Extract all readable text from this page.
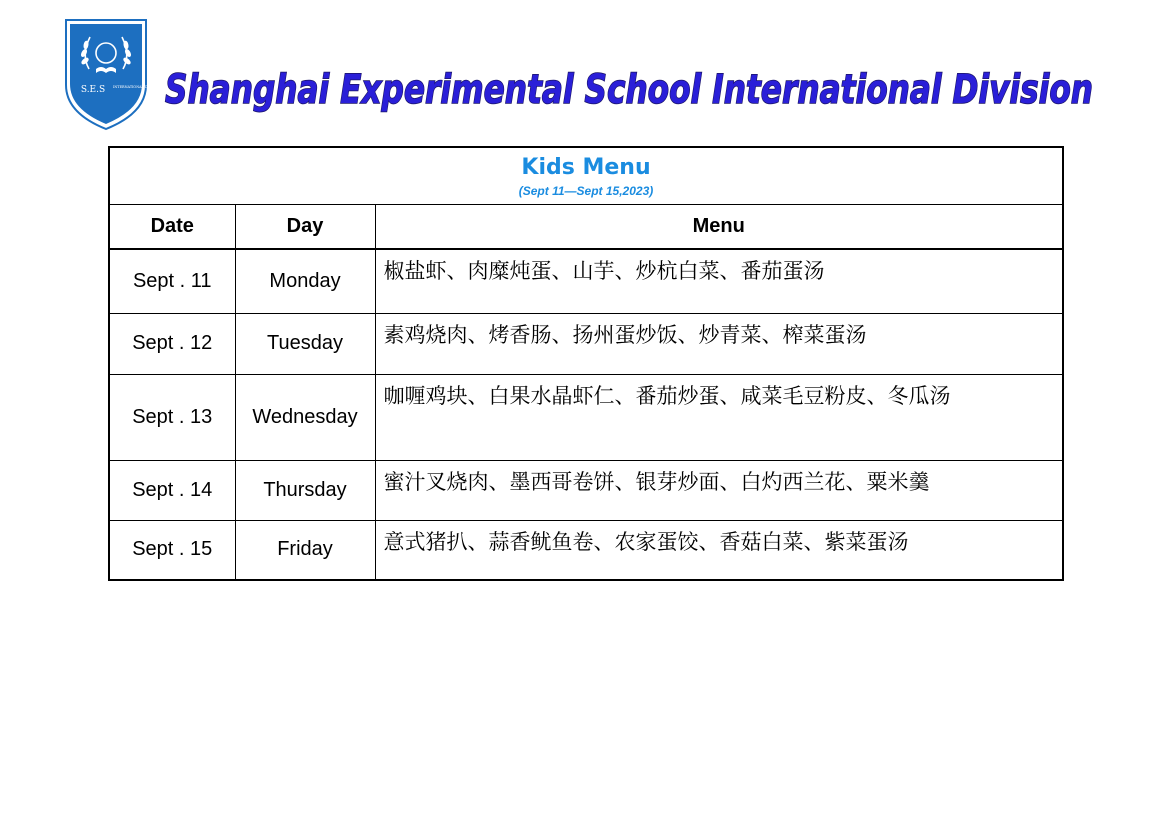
S.E.S INTERNATIONAL DIVISION Shanghai Experimental School International Division
Kids Menu
(Sept 11—Sept 15,2023)		

Date	Day	Menu
Sept . 11	Monday	椒盐虾、肉糜炖蛋、山芋、炒杭白菜、番茄蛋汤

Sept . 12	Tuesday	素鸡烧肉、烤香肠、扬州蛋炒饭、炒青菜、榨菜蛋汤

Sept . 13	Wednesday	咖喱鸡块、白果水晶虾仁、番茄炒蛋、咸菜毛豆粉皮、冬瓜汤

Sept . 14	Thursday	蜜汁叉烧肉、墨西哥卷饼、银芽炒面、白灼西兰花、粟米羹

Sept . 15	Friday	意式猪扒、蒜香鱿鱼卷、农家蛋饺、香菇白菜、紫菜蛋汤
